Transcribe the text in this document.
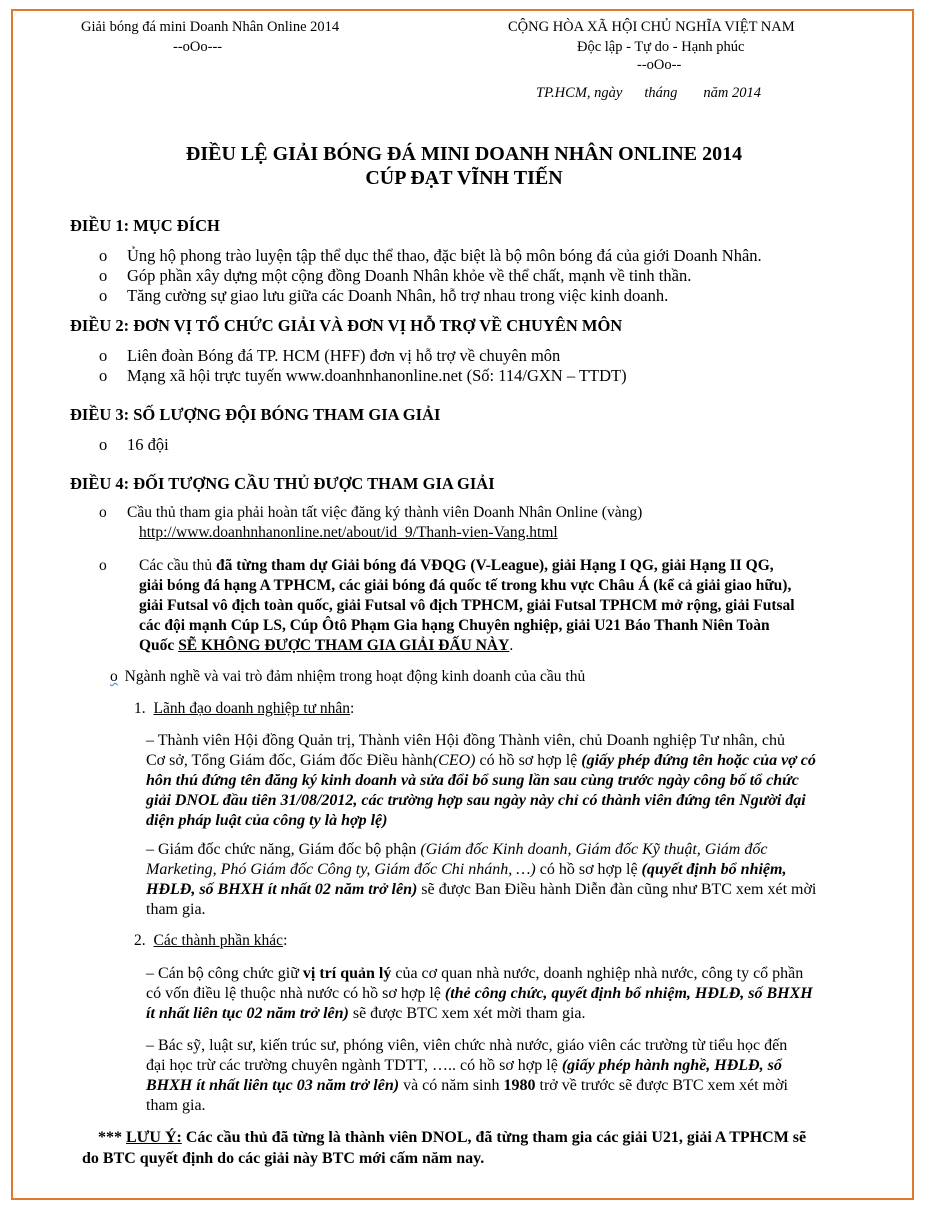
Giải bóng đá mini Doanh Nhân Online 2014
--oOo---
CỘNG HÒA XÃ HỘI CHỦ NGHĨA VIỆT NAM
Độc lập - Tự do - Hạnh phúc
--oOo--
TP.HCM, ngày tháng năm 2014
ĐIỀU LỆ GIẢI BÓNG ĐÁ MINI DOANH NHÂN ONLINE 2014
CÚP ĐẠT VĨNH TIẾN
ĐIỀU 1: MỤC ĐÍCH
o Ủng hộ phong trào luyện tập thể dục thể thao, đặc biệt là bộ môn bóng đá của giới Doanh Nhân.
o Góp phần xây dựng một cộng đồng Doanh Nhân khỏe về thể chất, mạnh về tinh thần.
o Tăng cường sự giao lưu giữa các Doanh Nhân, hỗ trợ nhau trong việc kinh doanh.
ĐIỀU 2: ĐƠN VỊ TỔ CHỨC GIẢI VÀ ĐƠN VỊ HỖ TRỢ VỀ CHUYÊN MÔN
o Liên đoàn Bóng đá TP. HCM (HFF) đơn vị hỗ trợ về chuyên môn
o Mạng xã hội trực tuyến www.doanhnhanonline.net (Số: 114/GXN – TTDT)
ĐIỀU 3: SỐ LƯỢNG ĐỘI BÓNG THAM GIA GIẢI
o 16 đội
ĐIỀU 4: ĐỐI TƯỢNG CẦU THỦ ĐƯỢC THAM GIA GIẢI
o Cầu thủ tham gia phải hoàn tất việc đăng ký thành viên Doanh Nhân Online (vàng)
http://www.doanhnhanonline.net/about/id_9/Thanh-vien-Vang.html
o Các cầu thủ đã từng tham dự Giải bóng đá VĐQG (V-League), giải Hạng I QG, giải Hạng II QG,
giải bóng đá hạng A TPHCM, các giải bóng đá quốc tế trong khu vực Châu Á (kể cả giải giao hữu),
giải Futsal vô địch toàn quốc, giải Futsal vô địch TPHCM, giải Futsal TPHCM mở rộng, giải Futsal
các đội mạnh Cúp LS, Cúp Ôtô Phạm Gia hạng Chuyên nghiệp, giải U21 Báo Thanh Niên Toàn
Quốc SẼ KHÔNG ĐƯỢC THAM GIA GIẢI ĐẤU NÀY.
o Ngành nghề và vai trò đảm nhiệm trong hoạt động kinh doanh của cầu thủ
1. Lãnh đạo doanh nghiệp tư nhân:
– Thành viên Hội đồng Quản trị, Thành viên Hội đồng Thành viên, chủ Doanh nghiệp Tư nhân, chủ
Cơ sở, Tổng Giám đốc, Giám đốc Điều hành(CEO) có hồ sơ hợp lệ (giấy phép đứng tên hoặc của vợ có
hôn thú đứng tên đăng ký kinh doanh và sửa đổi bổ sung lần sau cùng trước ngày công bố tổ chức
giải DNOL đầu tiên 31/08/2012, các trường hợp sau ngày này chỉ có thành viên đứng tên Người đại
diện pháp luật của công ty là hợp lệ)
– Giám đốc chức năng, Giám đốc bộ phận (Giám đốc Kinh doanh, Giám đốc Kỹ thuật, Giám đốc
Marketing, Phó Giám đốc Công ty, Giám đốc Chi nhánh, …) có hồ sơ hợp lệ (quyết định bổ nhiệm,
HĐLĐ, số BHXH ít nhất 02 năm trở lên) sẽ được Ban Điều hành Diễn đàn cũng như BTC xem xét mời
tham gia.
2. Các thành phần khác:
– Cán bộ công chức giữ vị trí quản lý của cơ quan nhà nước, doanh nghiệp nhà nước, công ty cổ phần
có vốn điều lệ thuộc nhà nước có hồ sơ hợp lệ (thẻ công chức, quyết định bổ nhiệm, HĐLĐ, số BHXH
ít nhất liên tục 02 năm trở lên) sẽ được BTC xem xét mời tham gia.
– Bác sỹ, luật sư, kiến trúc sư, phóng viên, viên chức nhà nước, giáo viên các trường từ tiểu học đến
đại học trừ các trường chuyên ngành TDTT, ….. có hồ sơ hợp lệ (giấy phép hành nghề, HĐLĐ, sổ
BHXH ít nhất liên tục 03 năm trở lên) và có năm sinh 1980 trở về trước sẽ được BTC xem xét mời
tham gia.
*** LƯU Ý: Các cầu thủ đã từng là thành viên DNOL, đã từng tham gia các giải U21, giải A TPHCM sẽ
do BTC quyết định do các giải này BTC mới cấm năm nay.
